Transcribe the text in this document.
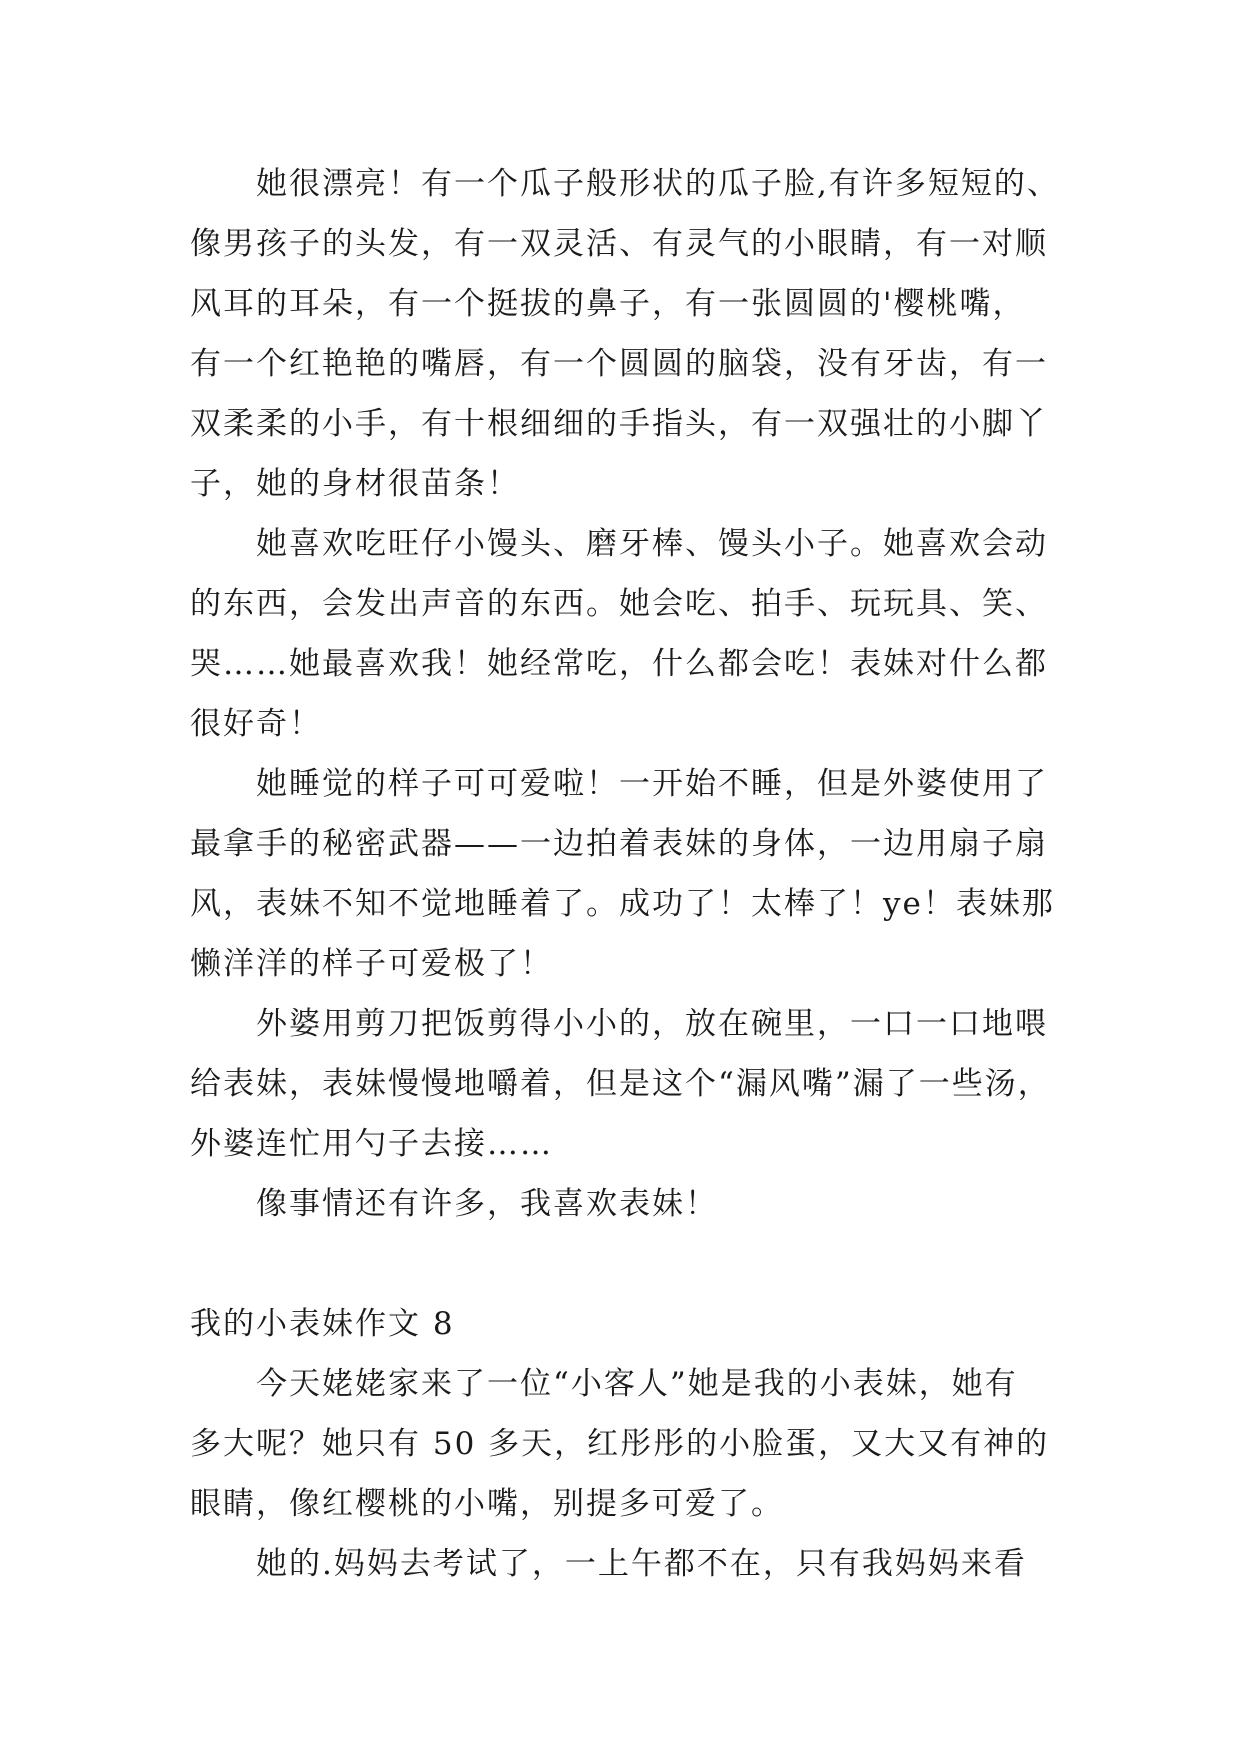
　　她很漂亮！有一个瓜子般形状的瓜子脸,有许多短短的、
像男孩子的头发，有一双灵活、有灵气的小眼睛，有一对顺
风耳的耳朵，有一个挺拔的鼻子，有一张圆圆的'樱桃嘴，
有一个红艳艳的嘴唇，有一个圆圆的脑袋，没有牙齿，有一
双柔柔的小手，有十根细细的手指头，有一双强壮的小脚丫
子，她的身材很苗条！
　　她喜欢吃旺仔小馒头、磨牙棒、馒头小子。她喜欢会动
的东西，会发出声音的东西。她会吃、拍手、玩玩具、笑、
哭……她最喜欢我！她经常吃，什么都会吃！表妹对什么都
很好奇！
　　她睡觉的样子可可爱啦！一开始不睡，但是外婆使用了
最拿手的秘密武器——一边拍着表妹的身体，一边用扇子扇
风，表妹不知不觉地睡着了。成功了！太棒了！ye！表妹那
懒洋洋的样子可爱极了！
　　外婆用剪刀把饭剪得小小的，放在碗里，一口一口地喂
给表妹，表妹慢慢地嚼着，但是这个“漏风嘴”漏了一些汤，
外婆连忙用勺子去接……
　　像事情还有许多，我喜欢表妹！
我的小表妹作文 8
　　今天姥姥家来了一位“小客人”她是我的小表妹，她有
多大呢？她只有 50 多天，红彤彤的小脸蛋，又大又有神的
眼睛，像红樱桃的小嘴，别提多可爱了。
　　她的.妈妈去考试了，一上午都不在，只有我妈妈来看
